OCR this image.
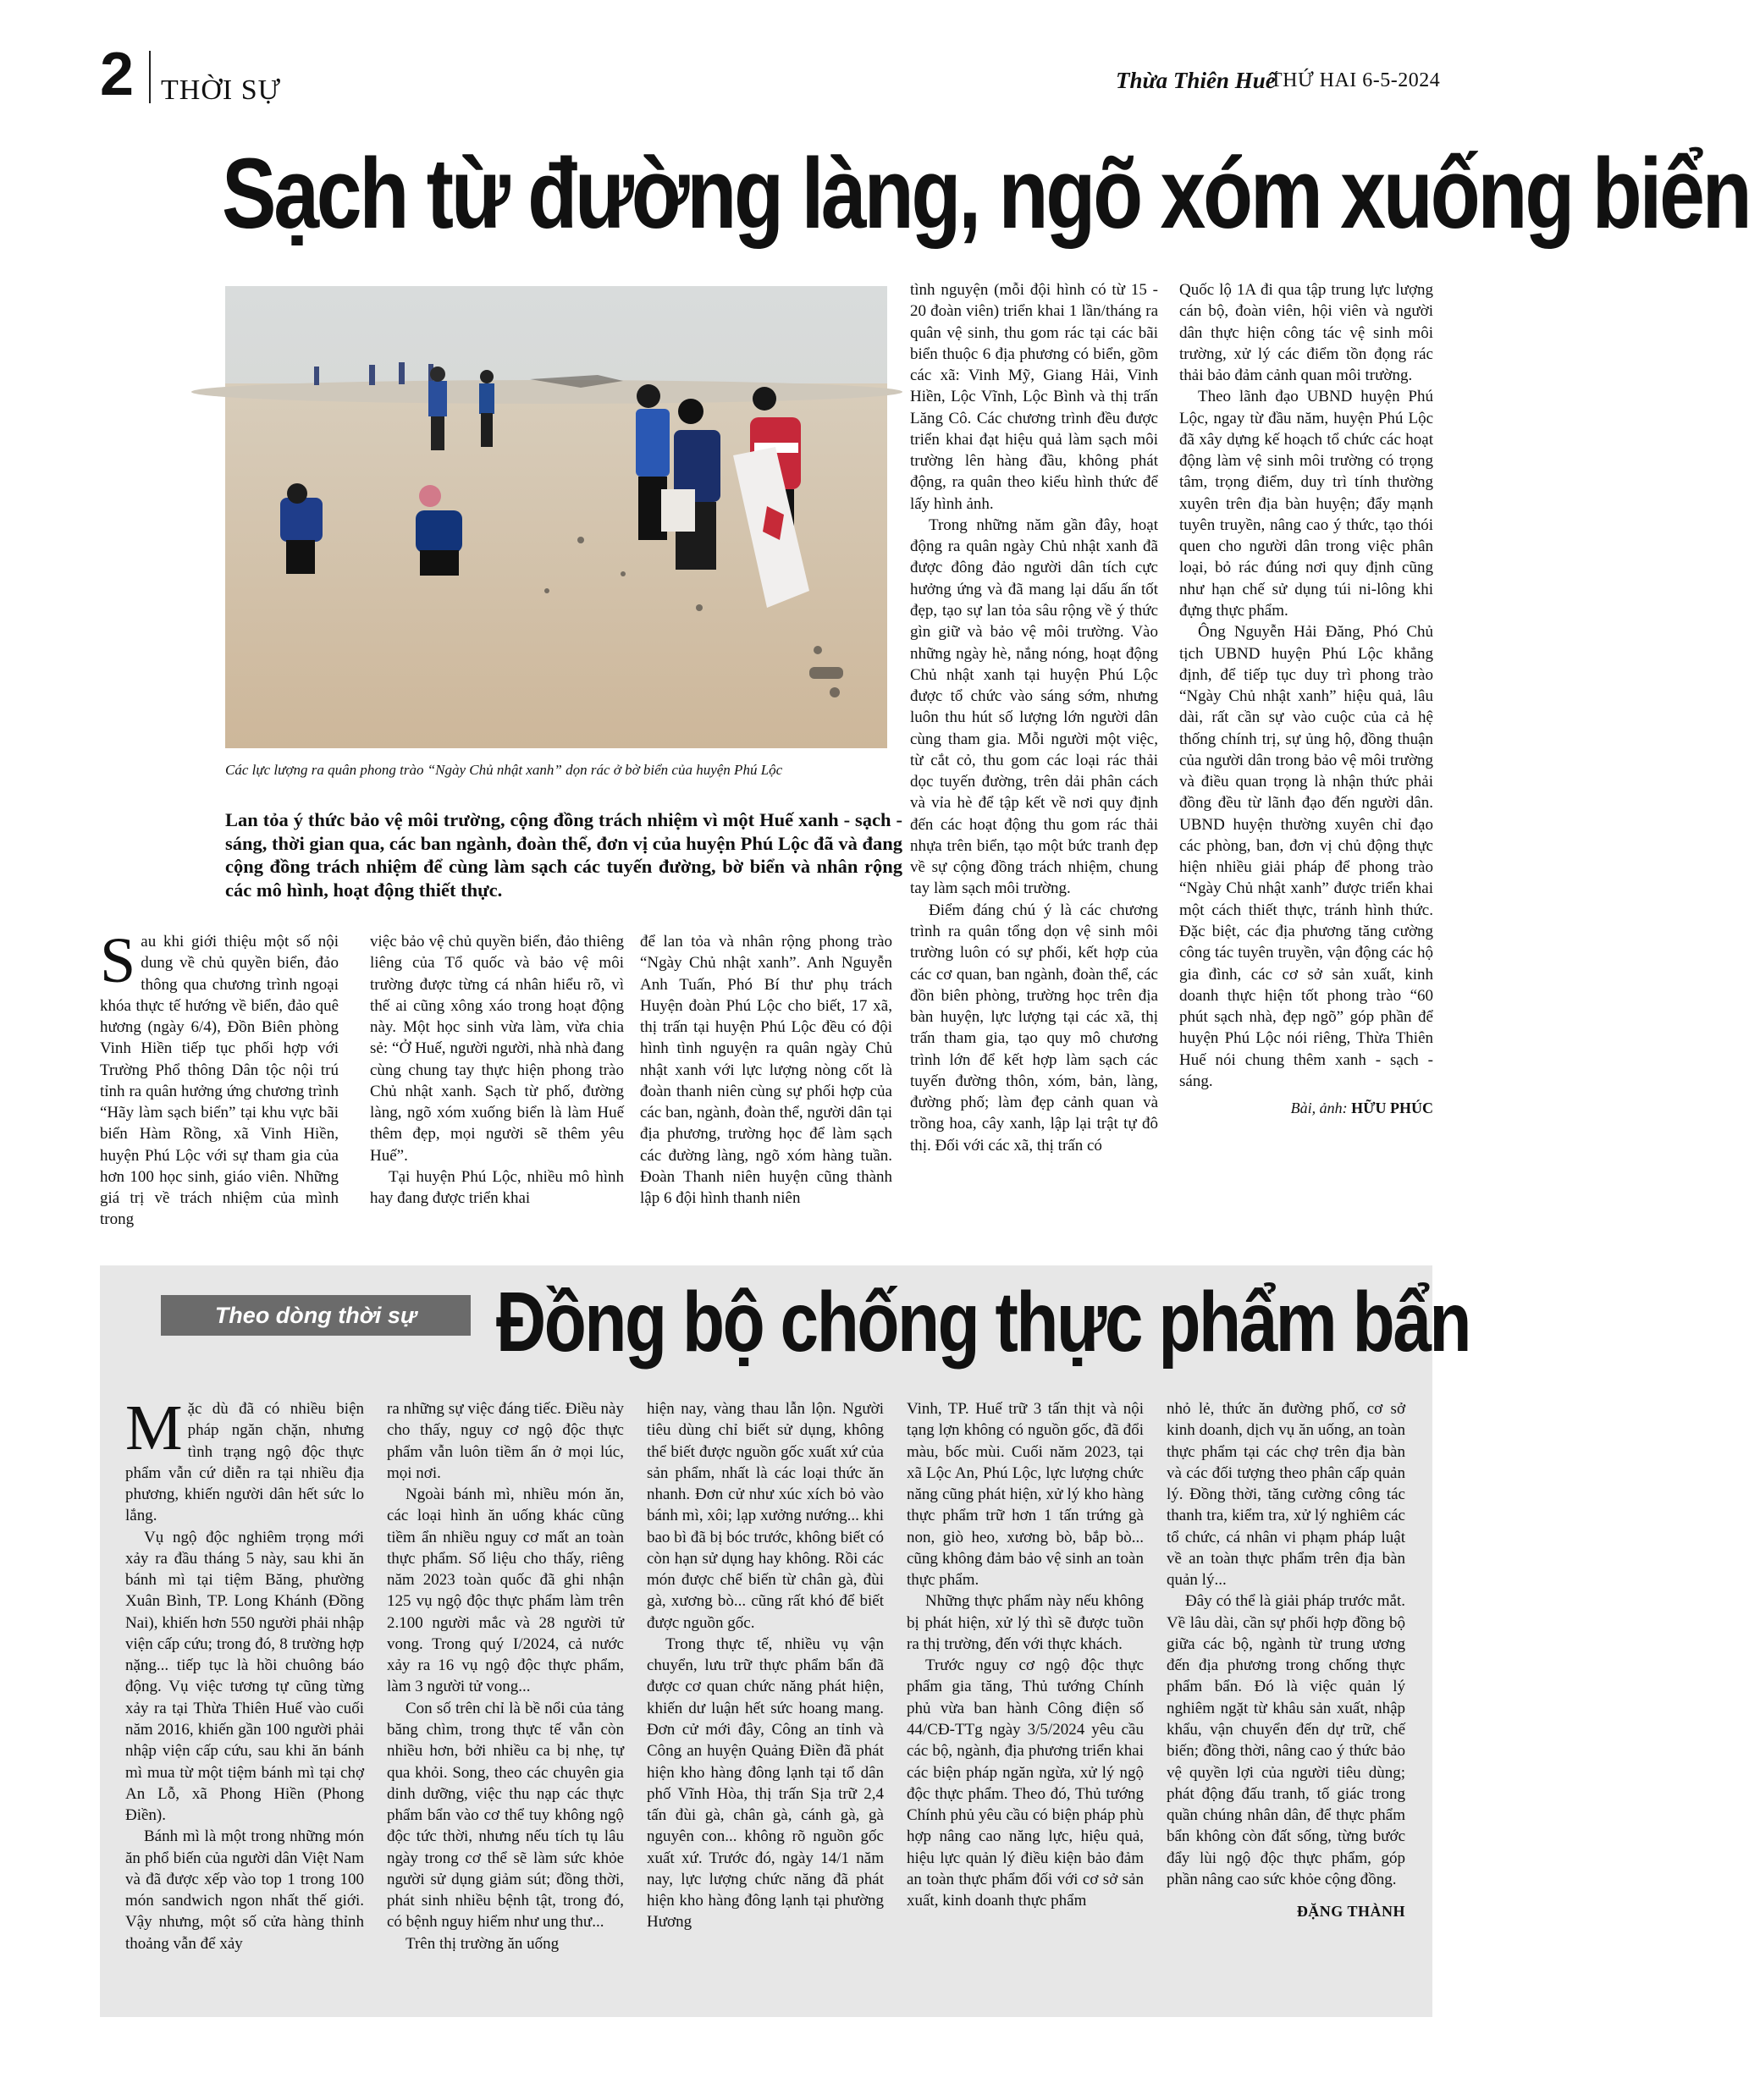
2 THỜI SỰ	Thừa Thiên Huế
THỨ HAI 6-5-2024
Sạch từ đường làng, ngõ xóm xuống biển
Các lực lượng ra quân phong trào “Ngày Chủ nhật xanh” dọn rác ở bờ biển của huyện Phú Lộc
Lan tỏa ý thức bảo vệ môi trường, cộng đồng trách nhiệm vì một Huế xanh - sạch - sáng, thời gian qua, các ban ngành, đoàn thể, đơn vị của huyện Phú Lộc đã và đang cộng đồng trách nhiệm để cùng làm sạch các tuyến đường, bờ biển và nhân rộng các mô hình, hoạt động thiết thực.
S au khi giới thiệu một số nội dung về chủ quyền biển, đảo thông qua chương trình ngoại khóa thực tế hướng về biển, đảo quê hương (ngày 6/4), Đồn Biên phòng Vinh Hiền tiếp tục phối hợp với Trường Phổ thông Dân tộc nội trú tỉnh ra quân hưởng ứng chương trình “Hãy làm sạch biển” tại khu vực bãi biển Hàm Rồng, xã Vinh Hiền, huyện Phú Lộc với sự tham gia của hơn 100 học sinh, giáo viên. Những giá trị về trách nhiệm của mình trong

việc bảo vệ chủ quyền biển, đảo thiêng liêng của Tổ quốc và bảo vệ môi trường được từng cá nhân hiểu rõ, vì thế ai cũng xông xáo trong hoạt động này. Một học sinh vừa làm, vừa chia sẻ: “Ở Huế, người người, nhà nhà đang cùng chung tay thực hiện phong trào Chủ nhật xanh. Sạch từ phố, đường làng, ngõ xóm xuống biển là làm Huế thêm đẹp, mọi người sẽ thêm yêu Huế”.

Tại huyện Phú Lộc, nhiều mô hình hay đang được triển khai

để lan tỏa và nhân rộng phong trào “Ngày Chủ nhật xanh”. Anh Nguyễn Anh Tuấn, Phó Bí thư phụ trách Huyện đoàn Phú Lộc cho biết, 17 xã, thị trấn tại huyện Phú Lộc đều có đội hình tình nguyện ra quân ngày Chủ nhật xanh với lực lượng nòng cốt là đoàn thanh niên cùng sự phối hợp của các ban, ngành, đoàn thể, người dân tại địa phương, trường học để làm sạch các đường làng, ngõ xóm hàng tuần. Đoàn Thanh niên huyện cũng thành lập 6 đội hình thanh niên

tình nguyện (mỗi đội hình có từ 15 - 20 đoàn viên) triển khai 1 lần/tháng ra quân vệ sinh, thu gom rác tại các bãi biển thuộc 6 địa phương có biển, gồm các xã: Vinh Mỹ, Giang Hải, Vinh Hiền, Lộc Vĩnh, Lộc Bình và thị trấn Lăng Cô. Các chương trình đều được triển khai đạt hiệu quả làm sạch môi trường lên hàng đầu, không phát động, ra quân theo kiểu hình thức để lấy hình ảnh.

Trong những năm gần đây, hoạt động ra quân ngày Chủ nhật xanh đã được đông đảo người dân tích cực hưởng ứng và đã mang lại dấu ấn tốt đẹp, tạo sự lan tỏa sâu rộng về ý thức gìn giữ và bảo vệ môi trường. Vào những ngày hè, nắng nóng, hoạt động Chủ nhật xanh tại huyện Phú Lộc được tổ chức vào sáng sớm, nhưng luôn thu hút số lượng lớn người dân cùng tham gia. Mỗi người một việc, từ cắt cỏ, thu gom các loại rác thải dọc tuyến đường, trên dải phân cách và vỉa hè để tập kết về nơi quy định đến các hoạt động thu gom rác thải nhựa trên biển, tạo một bức tranh đẹp về sự cộng đồng trách nhiệm, chung tay làm sạch môi trường.

Điểm đáng chú ý là các chương trình ra quân tổng dọn vệ sinh môi trường luôn có sự phối, kết hợp của các cơ quan, ban ngành, đoàn thể, các đồn biên phòng, trường học trên địa bàn huyện, lực lượng tại các xã, thị trấn tham gia, tạo quy mô chương trình lớn để kết hợp làm sạch các tuyến đường thôn, xóm, bản, làng, đường phố; làm đẹp cảnh quan và trồng hoa, cây xanh, lập lại trật tự đô thị. Đối với các xã, thị trấn có

Quốc lộ 1A đi qua tập trung lực lượng cán bộ, đoàn viên, hội viên và người dân thực hiện công tác vệ sinh môi trường, xử lý các điểm tồn đọng rác thải bảo đảm cảnh quan môi trường.

Theo lãnh đạo UBND huyện Phú Lộc, ngay từ đầu năm, huyện Phú Lộc đã xây dựng kế hoạch tổ chức các hoạt động làm vệ sinh môi trường có trọng tâm, trọng điểm, duy trì tính thường xuyên trên địa bàn huyện; đẩy mạnh tuyên truyền, nâng cao ý thức, tạo thói quen cho người dân trong việc phân loại, bỏ rác đúng nơi quy định cũng như hạn chế sử dụng túi ni-lông khi đựng thực phẩm.

Ông Nguyễn Hải Đăng, Phó Chủ tịch UBND huyện Phú Lộc khẳng định, để tiếp tục duy trì phong trào “Ngày Chủ nhật xanh” hiệu quả, lâu dài, rất cần sự vào cuộc của cả hệ thống chính trị, sự ủng hộ, đồng thuận của người dân trong bảo vệ môi trường và điều quan trọng là nhận thức phải đồng đều từ lãnh đạo đến người dân. UBND huyện thường xuyên chỉ đạo các phòng, ban, đơn vị chủ động thực hiện nhiều giải pháp để phong trào “Ngày Chủ nhật xanh” được triển khai một cách thiết thực, tránh hình thức. Đặc biệt, các địa phương tăng cường công tác tuyên truyền, vận động các hộ gia đình, các cơ sở sản xuất, kinh doanh thực hiện tốt phong trào “60 phút sạch nhà, đẹp ngõ” góp phần để huyện Phú Lộc nói riêng, Thừa Thiên Huế nói chung thêm xanh - sạch - sáng.

Bài, ảnh: HỮU PHÚC
Theo dòng thời sự Đồng bộ chống thực phẩm bẩn
M ặc dù đã có nhiều biện pháp ngăn chặn, nhưng tình trạng ngộ độc thực phẩm vẫn cứ diễn ra tại nhiều địa phương, khiến người dân hết sức lo lắng.

Vụ ngộ độc nghiêm trọng mới xảy ra đầu tháng 5 này, sau khi ăn bánh mì tại tiệm Băng, phường Xuân Bình, TP. Long Khánh (Đồng Nai), khiến hơn 550 người phải nhập viện cấp cứu; trong đó, 8 trường hợp nặng... tiếp tục là hồi chuông báo động. Vụ việc tương tự cũng từng xảy ra tại Thừa Thiên Huế vào cuối năm 2016, khiến gần 100 người phải nhập viện cấp cứu, sau khi ăn bánh mì mua từ một tiệm bánh mì tại chợ An Lỗ, xã Phong Hiền (Phong Điền).

Bánh mì là một trong những món ăn phổ biến của người dân Việt Nam và đã được xếp vào top 1 trong 100 món sandwich ngon nhất thế giới. Vậy nhưng, một số cửa hàng thỉnh thoảng vẫn để xảy

ra những sự việc đáng tiếc. Điều này cho thấy, nguy cơ ngộ độc thực phẩm vẫn luôn tiềm ẩn ở mọi lúc, mọi nơi.

Ngoài bánh mì, nhiều món ăn, các loại hình ăn uống khác cũng tiềm ẩn nhiều nguy cơ mất an toàn thực phẩm. Số liệu cho thấy, riêng năm 2023 toàn quốc đã ghi nhận 125 vụ ngộ độc thực phẩm làm trên 2.100 người mắc và 28 người tử vong. Trong quý I/2024, cả nước xảy ra 16 vụ ngộ độc thực phẩm, làm 3 người tử vong...

Con số trên chỉ là bề nổi của tảng băng chìm, trong thực tế vẫn còn nhiều hơn, bởi nhiều ca bị nhẹ, tự qua khỏi. Song, theo các chuyên gia dinh dưỡng, việc thu nạp các thực phẩm bẩn vào cơ thể tuy không ngộ độc tức thời, nhưng nếu tích tụ lâu ngày trong cơ thể sẽ làm sức khỏe người sử dụng giảm sút; đồng thời, phát sinh nhiều bệnh tật, trong đó, có bệnh nguy hiểm như ung thư...

Trên thị trường ăn uống

hiện nay, vàng thau lẫn lộn. Người tiêu dùng chỉ biết sử dụng, không thể biết được nguồn gốc xuất xứ của sản phẩm, nhất là các loại thức ăn nhanh. Đơn cử như xúc xích bỏ vào bánh mì, xôi; lạp xưởng nướng... khi bao bì đã bị bóc trước, không biết có còn hạn sử dụng hay không. Rồi các món được chế biến từ chân gà, đùi gà, xương bò... cũng rất khó để biết được nguồn gốc.

Trong thực tế, nhiều vụ vận chuyển, lưu trữ thực phẩm bẩn đã được cơ quan chức năng phát hiện, khiến dư luận hết sức hoang mang. Đơn cử mới đây, Công an tỉnh và Công an huyện Quảng Điền đã phát hiện kho hàng đông lạnh tại tổ dân phố Vĩnh Hòa, thị trấn Sịa trữ 2,4 tấn đùi gà, chân gà, cánh gà, gà nguyên con... không rõ nguồn gốc xuất xứ. Trước đó, ngày 14/1 năm nay, lực lượng chức năng đã phát hiện kho hàng đông lạnh tại phường Hương

Vinh, TP. Huế trữ 3 tấn thịt và nội tạng lợn không có nguồn gốc, đã đổi màu, bốc mùi. Cuối năm 2023, tại xã Lộc An, Phú Lộc, lực lượng chức năng cũng phát hiện, xử lý kho hàng thực phẩm trữ hơn 1 tấn trứng gà non, giò heo, xương bò, bắp bò... cũng không đảm bảo vệ sinh an toàn thực phẩm.

Những thực phẩm này nếu không bị phát hiện, xử lý thì sẽ được tuồn ra thị trường, đến với thực khách.

Trước nguy cơ ngộ độc thực phẩm gia tăng, Thủ tướng Chính phủ vừa ban hành Công điện số 44/CĐ-TTg ngày 3/5/2024 yêu cầu các bộ, ngành, địa phương triển khai các biện pháp ngăn ngừa, xử lý ngộ độc thực phẩm. Theo đó, Thủ tướng Chính phủ yêu cầu có biện pháp phù hợp nâng cao năng lực, hiệu quả, hiệu lực quản lý điều kiện bảo đảm an toàn thực phẩm đối với cơ sở sản xuất, kinh doanh thực phẩm

nhỏ lẻ, thức ăn đường phố, cơ sở kinh doanh, dịch vụ ăn uống, an toàn thực phẩm tại các chợ trên địa bàn và các đối tượng theo phân cấp quản lý. Đồng thời, tăng cường công tác thanh tra, kiểm tra, xử lý nghiêm các tổ chức, cá nhân vi phạm pháp luật về an toàn thực phẩm trên địa bàn quản lý...

Đây có thể là giải pháp trước mắt. Về lâu dài, cần sự phối hợp đồng bộ giữa các bộ, ngành từ trung ương đến địa phương trong chống thực phẩm bẩn. Đó là việc quản lý nghiêm ngặt từ khâu sản xuất, nhập khẩu, vận chuyển đến dự trữ, chế biến; đồng thời, nâng cao ý thức bảo vệ quyền lợi của người tiêu dùng; phát động đấu tranh, tố giác trong quần chúng nhân dân, để thực phẩm bẩn không còn đất sống, từng bước đẩy lùi ngộ độc thực phẩm, góp phần nâng cao sức khỏe cộng đồng.

ĐẶNG THÀNH
